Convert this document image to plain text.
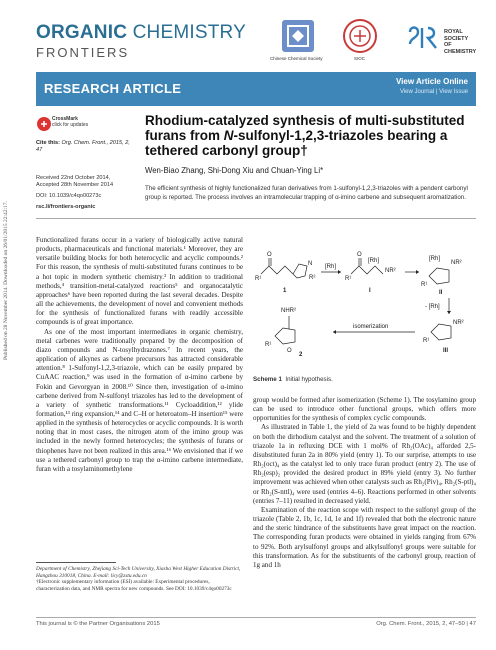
ORGANIC CHEMISTRY
FRONTIERS	Chinese Chemical Society	SIOC
ROYAL SOCIETY
OF CHEMISTRY
RESEARCH ARTICLE	View Article Online
View Journal | View Issue
CrossMark
click for updates
Cite this: Org. Chem. Front., 2015, 2, 47
Received 22nd October 2014,
Accepted 28th November 2014
DOI: 10.1039/c4qo00273c
rsc.li/frontiers-organic
Rhodium-catalyzed synthesis of multi-substituted
furans from N-sulfonyl-1,2,3-triazoles bearing a
tethered carbonyl group†
Wen-Biao Zhang, Shi-Dong Xiu and Chuan-Ying Li*
The efficient synthesis of highly functionalized furan derivatives from 1-sulfonyl-1,2,3-triazoles with a pendent carbonyl group is reported. The process involves an intramolecular trapping of α-imino carbene and subsequent aromatization.
Published on 28 November 2014. Downloaded on 26/01/2015 22:42:17.	Functionalized furans occur in a variety of biologically active natural products, pharmaceuticals and functional materials.¹ Moreover, they are versatile building blocks for both heterocyclic and acyclic compounds.² For this reason, the synthesis of multi-substituted furans continues to be a hot topic in modern synthetic chemistry.³ In addition to traditional methods,⁴ transition-metal-catalyzed reactions⁵ and organocatalytic approaches⁶ have been reported during the last several decades. Despite all the achievements, the development of novel and convenient methods for the synthesis of functionalized furans with readily accessible compounds is of great importance.

As one of the most important intermediates in organic chemistry, metal carbenes were traditionally prepared by the decomposition of diazo compounds and N-tosylhydrazones.⁷ In recent years, the application of alkynes as carbene precursors has attracted considerable attention.⁸ 1-Sulfonyl-1,2,3-triazole, which can be easily prepared by CuAAC reaction,⁹ was used in the formation of α-imino carbene by Fokin and Gevorgyan in 2008.¹⁰ Since then, investigation of α-imino carbene derived from N-sulfonyl triazoles has led to the development of a variety of synthetic transformations.¹¹ Cycloaddition,¹² ylide formation,¹³ ring expansion,¹⁴ and C–H or heteroatom–H insertion¹⁵ were applied in the synthesis of heterocycles or acyclic compounds. It is worth noting that in most cases, the nitrogen atom of the imino group was included in the newly formed heterocycles; the synthesis of furans or thiophenes have not been realized in this area.¹⁶ We envisioned that if we use a tethered carbonyl group to trap the α-imino carbene intermediate, furan with a tosylaminomethylene

Department of Chemistry, Zhejiang Sci-Tech University, Xiasha West Higher Education District, Hangzhou 310018, China. E-mail: licy@zstu.edu.cn
†Electronic supplementary information (ESI) available: Experimental procedures, characterization data, and NMR spectra for new compounds. See DOI: 10.1039/c4qo00273c
R¹
O
N
R²
1
[Rh]
R¹
O
[Rh]
NR²
I
[Rh]
NR²
R¹
II
- [Rh]
NR²
R¹
III
isomerization
NHR²
O
R¹
2
Scheme 1 Initial hypothesis.

group would be formed after isomerization (Scheme 1). The tosylamino group can be used to introduce other functional groups, which offers more opportunities for the synthesis of complex cyclic compounds.

As illustrated in Table 1, the yield of 2a was found to be highly dependent on both the dirhodium catalyst and the solvent. The treatment of a solution of triazole 1a in refluxing DCE with 1 mol% of Rh₂(OAc)₄ afforded 2,5-disubstituted furan 2a in 80% yield (entry 1). To our surprise, attempts to use Rh₂(oct)₄ as the catalyst led to only trace furan product (entry 2). The use of Rh₂(esp)₂ provided the desired product in 89% yield (entry 3). No further improvement was achieved when other catalysts such as Rh₂(Piv)₄, Rh₂(S-ptl)₄ or Rh₂(S-nttl)₄ were used (entries 4–6). Reactions performed in other solvents (entries 7–11) resulted in decreased yield.

Examination of the reaction scope with respect to the sulfonyl group of the triazole (Table 2, 1b, 1c, 1d, 1e and 1f) revealed that both the electronic nature and the steric hindrance of the substituents have great impact on the reaction. The corresponding furan products were obtained in yields ranging from 67% to 92%. Both arylsulfonyl groups and alkylsulfonyl groups were suitable for this transformation. As for the substituents of the carbonyl group, reaction of 1g and 1h

This journal is © the Partner Organisations 2015	Org. Chem. Front., 2015, 2, 47–50 | 47
